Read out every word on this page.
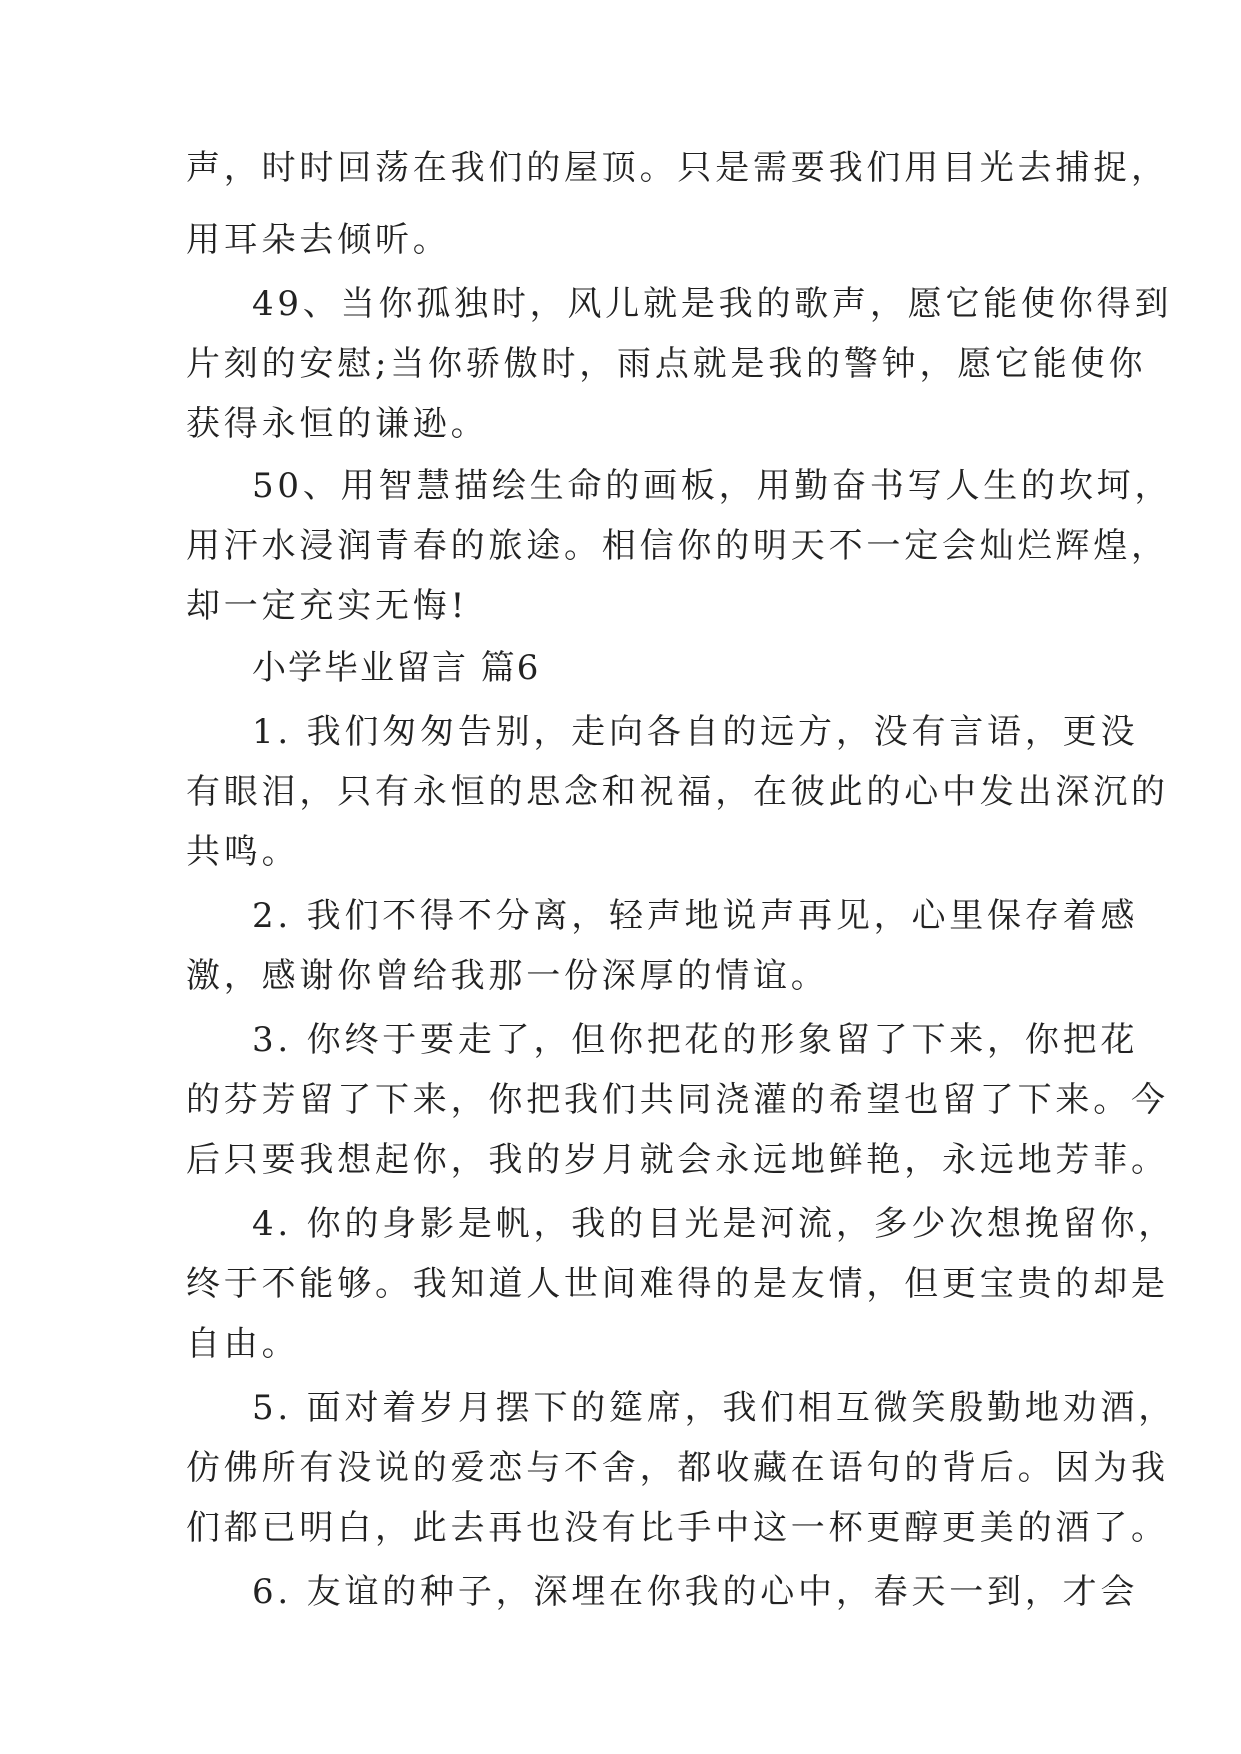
声，时时回荡在我们的屋顶。只是需要我们用目光去捕捉，
用耳朵去倾听。
49、当你孤独时，风儿就是我的歌声，愿它能使你得到
片刻的安慰;当你骄傲时，雨点就是我的警钟，愿它能使你
获得永恒的谦逊。
50、用智慧描绘生命的画板，用勤奋书写人生的坎坷，
用汗水浸润青春的旅途。相信你的明天不一定会灿烂辉煌，
却一定充实无悔!
小学毕业留言 篇6
1. 我们匆匆告别，走向各自的远方，没有言语，更没
有眼泪，只有永恒的思念和祝福，在彼此的心中发出深沉的
共鸣。
2. 我们不得不分离，轻声地说声再见，心里保存着感
激，感谢你曾给我那一份深厚的情谊。
3. 你终于要走了，但你把花的形象留了下来，你把花
的芬芳留了下来，你把我们共同浇灌的希望也留了下来。今
后只要我想起你，我的岁月就会永远地鲜艳，永远地芳菲。
4. 你的身影是帆，我的目光是河流，多少次想挽留你，
终于不能够。我知道人世间难得的是友情，但更宝贵的却是
自由。
5. 面对着岁月摆下的筵席，我们相互微笑殷勤地劝酒，
仿佛所有没说的爱恋与不舍，都收藏在语句的背后。因为我
们都已明白，此去再也没有比手中这一杯更醇更美的酒了。
6. 友谊的种子，深埋在你我的心中，春天一到，才会
